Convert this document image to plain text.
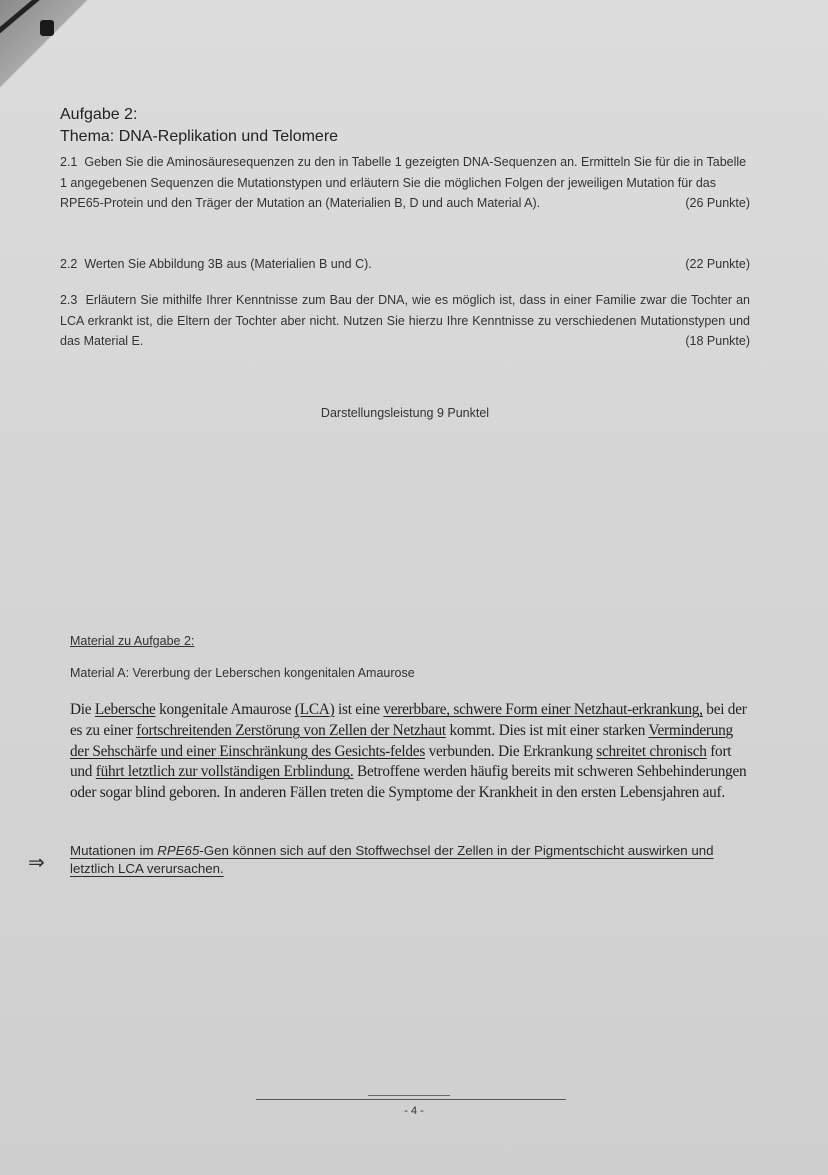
Aufgabe 2:
Thema: DNA-Replikation und Telomere
2.1 Geben Sie die Aminosäuresequenzen zu den in Tabelle 1 gezeigten DNA-Sequenzen an. Ermitteln Sie für die in Tabelle 1 angegebenen Sequenzen die Mutationstypen und erläutern Sie die möglichen Folgen der jeweiligen Mutation für das RPE65-Protein und den Träger der Mutation an (Materialien B, D und auch Material A).	(26 Punkte)
2.2 Werten Sie Abbildung 3B aus (Materialien B und C).	(22 Punkte)
2.3 Erläutern Sie mithilfe Ihrer Kenntnisse zum Bau der DNA, wie es möglich ist, dass in einer Familie zwar die Tochter an LCA erkrankt ist, die Eltern der Tochter aber nicht. Nutzen Sie hierzu Ihre Kenntnisse zu verschiedenen Mutationstypen und das Material E.	(18 Punkte)
Darstellungsleistung 9 Punktel
Material zu Aufgabe 2:
Material A: Vererbung der Leberschen kongenitalen Amaurose
Die Lebersche kongenitale Amaurose (LCA) ist eine vererbbare, schwere Form einer Netzhaut-erkrankung, bei der es zu einer fortschreitenden Zerstörung von Zellen der Netzhaut kommt. Dies ist mit einer starken Verminderung der Sehschärfe und einer Einschränkung des Gesichts-feldes verbunden. Die Erkrankung schreitet chronisch fort und führt letztlich zur vollständigen Erblindung. Betroffene werden häufig bereits mit schweren Sehbehinderungen oder sogar blind geboren. In anderen Fällen treten die Symptome der Krankheit in den ersten Lebensjahren auf.
Mutationen im RPE65-Gen können sich auf den Stoffwechsel der Zellen in der Pigmentschicht auswirken und letztlich LCA verursachen.
⇒
- 4 -
